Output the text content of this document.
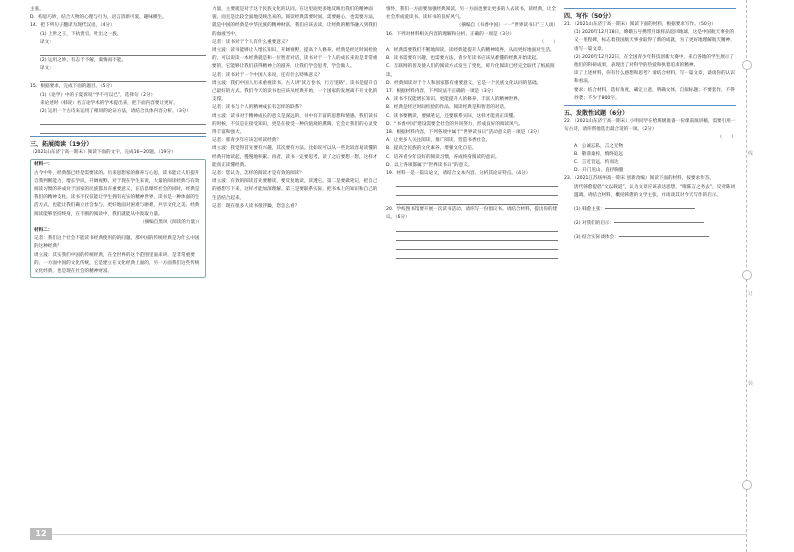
主张。

D．构思巧妙，结合人物的心理与行为，语言清新可爱，趣味横生。

14．把下列句子翻译为现代汉语。（4分）

(1) 上世之王，下执贵官，吐出之一族。

译文：

(2) 运用之妙，有志于不解，虞悔而不能。

译文：

15．根据要求，完成下面的题目。（5分）

(1)《论学》中的子夏诉说“学不可以已”，选择句（2分）

来论述时（韩说）名言论学术的学术提出来，把下面内容要让更好。

(2) 运用一个古诗来运用了相同的论证方法，请结合具体内容分析。（3分）

三、拓展阅读（19分）

（2021山东济宁高一期末）阅读下面的文字，完成16~20题。（19分）

材料一：

古今中外，经典都已经是需要读的。历来思想家的修养与心思，读书能让人们提升自我判断能力，增长学识，开阔视野。对于现在学生来说，大量的阅读经典与有效阅读习惯的养成对于国家的民族都具有重要意义，在信息爆炸社会的同时，经典是我们的精神支柱。读书不仅仅能让学生拥有充实的精神世界，读书是一种体面的生活方式，也能让我们确立社会参与，更好地面对困难与磨难，共享文化之美。经典阅读能够坚持终身，在不断的阅读中，我们就能从中汲取力量。

（摘编自黑风《阅读的力量》）

材料二：

记者：我们这个社会不能读书经典使用的的问题。那中国的传统经典是为什么中国的这种经典？

周立波：其实我们中国的传统经典，在全世界的这个范围里面来讲，是非常重要的。一方面中国的文化传统，它是建立在文化经典上面的，另一方面我们这些传统文化经典，也是现在社会的精神财富。

力量，主要就是对于这个民族文化的认同。在这里面更多地反映出我们的精神面貌，而且是比较全面地反映出来的。阅读经典需要时间，需要耐心，也需要方法，就是中国的经典是中华民族的精神财富，我们应该去读，让经典的精华融入到我们的血液当中。

记者：读书对于个人有什么重要意义？

周立波：读书能够让人增长知识，开阔视野，提高个人修养。经典是经过时间检验的，可以说读一本经典就是和一位智者对话。读书对于一个人的成长来说是非常重要的，它能够让我们获得精神上的滋养，让我们学会思考，学会做人。

记者：读书对于一个中国人来说，还有什么特殊意义？

周立波：我们中国人历来重视读书。古人讲“读万卷书，行万里路”，读书是提升自己最好的方式。我们今天的读书也应该从经典开始，一个国家的发展离不开文化的支撑。

记者：读书与个人的精神成长有怎样的联系？

周立波：读书对于精神成长的意义是深远的，书中有丰富的思想和情感。我们读书的时候，不仅是在接受知识，更是在接受一种价值观的熏陶，它会让我们的心灵变得丰富和强大。

记者：那青少年应该怎样读经典？

周立波：我觉得首先要有兴趣，其次要有方法。比如说可以从一些比较容易读懂的经典开始读起，慢慢地积累。再者，读书一定要思考，读了之后要想一想，这样才能真正读懂经典。

记者：您认为，怎样的阅读才是有效的阅读？

周立波：有效的阅读首先要精读，要反复地读，读透它。第二是要做笔记，把自己的感想写下来，这样才能加深理解。第三是要联系实际，把书本上的知识和自己的生活结合起来。

记者：现在很多人读书很浮躁，您怎么看？

情怀，我们一方面要加强经典阅读，另一方面也要让更多的人去读书，读经典，让全社会形成爱读书、读好书的良好风气。

（摘编自《书香中国》一一“世界读书日”三人谈）

16．下列对材料相关内容的理解和分析，正确的一项是（3分）

（　　）

A．经典需要我们不断地阅读，读经典能提升人的精神境界，从而更好地面对生活。

B．读书需要有兴趣，也需要方法，青少年读书应该从难懂的经典开始读起。

C．互联网的普及使人们的阅读方式发生了变化，碎片化阅读已经完全取代了纸质阅读。

D．经典阅读对于个人和国家都有重要意义，它是一个民族文化认同的基础。

17．根据材料内容，下列说法不正确的一项是（3分）

A．读书不仅能增长知识，更能提升人的修养，丰富人的精神世界。

B．经典是经过时间检验的作品，阅读经典是和智者的对话。

C．读书要精读，要做笔记，还要联系实际，这样才能真正读懂。

D．“书香中国”建设需要全社会的共同努力，形成良好的阅读风气。

18．根据材料内容，下列各项中属于“世界读书日”活动意义的一项是（3分）

A．让更多人关注阅读，推广阅读，营造书香社会。

B．提高全民族的文化素养，增强文化自信。

C．培养青少年良好的阅读习惯，养成终身阅读的意识。

D．以上各项都属于“世界读书日”的意义。

19．材料一是一篇议论文，请结合文本内容，分析其论证特点。（4分）

20．学校图书馆要开展一次读书活动，请你写一份倡议书。请结合材料，提出你的建议。（6分）

四、写作（50分）

21．（2021山东济宁高一期末）阅读下面的材料，根据要求写作。（50分）

(1) 2020年12月18日，嫦娥五号携带月球样品返回地球，这是中国航天事业的又一里程碑，标志着我国航天事业取得了新的成就，为了更好地理解航天精神，请写一篇文章。

(2) 2020年12月22日，在全国青少年科技创新大赛中，来自各地的学生展示了他们的科研成果，表现出了对科学的热爱和执着追求的精神。

读了上述材料，你有什么感想和思考？请结合材料，写一篇文章，谈谈你的认识和看法。

要求：结合材料，选好角度，确定立意，明确文体，自拟标题；不要套作，不得抄袭；不少于800字。

五、发散性试题（6分）

22．（2021山东济宁高一期末）小明同学在给班级准备一份课前演讲稿，需要引用一句古诗，请你帮他选出最合适的一项。（2分）

（　　）

A．公诚忘私，言之无物

B．敬恭桑梓，慎终追远

C．言近旨远，约而达

D．开门见山，直抒胸臆

23．（2021江苏扬州高一期末 创新改编）阅读下面的材料，按要求作答。

唐代韩愈提倡“文以载道”，认为文章应该表达思想，“唯陈言之务去”，反对陈词滥调。请结合材料，概括韩愈的文学主张，并谈谈其对今天写作的启示。

(1) 韩愈主张：

(2) 对我们的启示：

(3) 结合实际谈体会：

线
订
装
12
